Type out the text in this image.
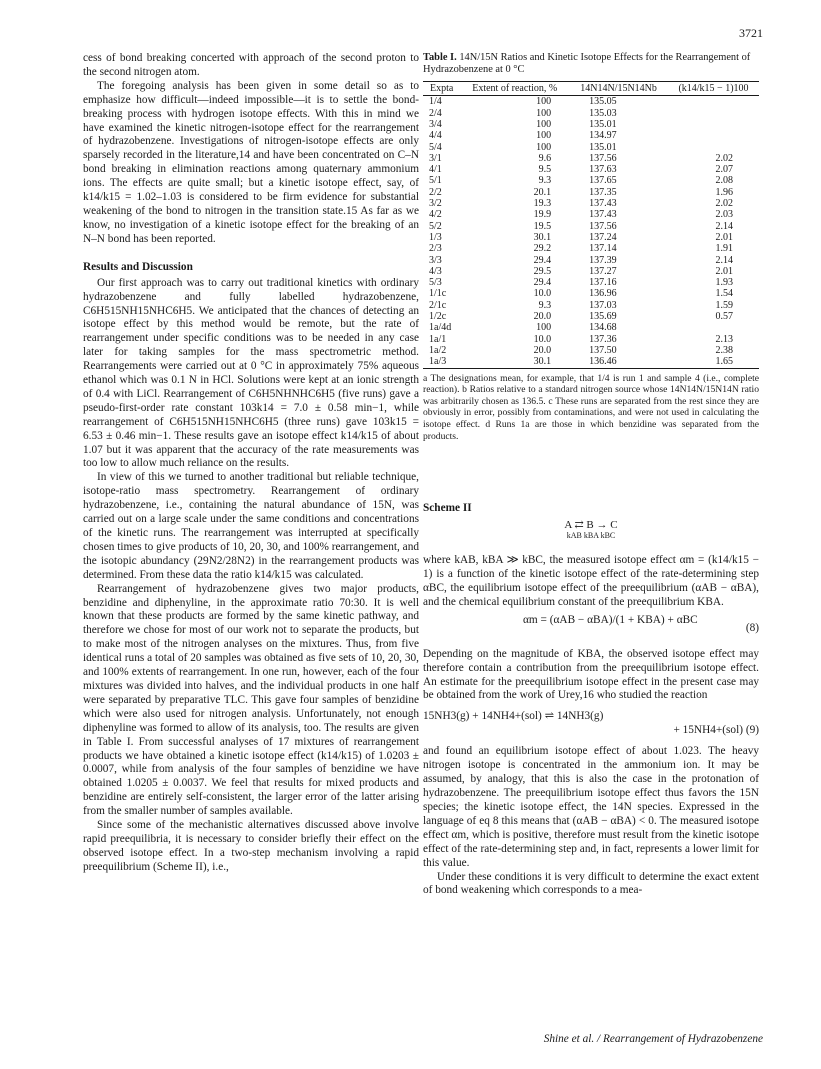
3721

cess of bond breaking concerted with approach of the second proton to the second nitrogen atom.

The foregoing analysis has been given in some detail so as to emphasize how difficult—indeed impossible—it is to settle the bond-breaking process with hydrogen isotope effects. With this in mind we have examined the kinetic nitrogen-isotope effect for the rearrangement of hydrazobenzene. Investigations of nitrogen-isotope effects are only sparsely recorded in the literature,14 and have been concentrated on C–N bond breaking in elimination reactions among quaternary ammonium ions. The effects are quite small; but a kinetic isotope effect, say, of k14/k15 = 1.02–1.03 is considered to be firm evidence for substantial weakening of the bond to nitrogen in the transition state.15 As far as we know, no investigation of a kinetic isotope effect for the breaking of an N–N bond has been reported.

Results and Discussion

Our first approach was to carry out traditional kinetics with ordinary hydrazobenzene and fully labelled hydrazobenzene, C6H515NH15NHC6H5. We anticipated that the chances of detecting an isotope effect by this method would be remote, but the rate of rearrangement under specific conditions was to be needed in any case later for taking samples for the mass spectrometric method. Rearrangements were carried out at 0 °C in approximately 75% aqueous ethanol which was 0.1 N in HCl. Solutions were kept at an ionic strength of 0.4 with LiCl. Rearrangement of C6H5NHNHC6H5 (five runs) gave a pseudo-first-order rate constant 103k14 = 7.0 ± 0.58 min−1, while rearrangement of C6H515NH15NHC6H5 (three runs) gave 103k15 = 6.53 ± 0.46 min−1. These results gave an isotope effect k14/k15 of about 1.07 but it was apparent that the accuracy of the rate measurements was too low to allow much reliance on the results.

In view of this we turned to another traditional but reliable technique, isotope-ratio mass spectrometry. Rearrangement of ordinary hydrazobenzene, i.e., containing the natural abundance of 15N, was carried out on a large scale under the same conditions and concentrations of the kinetic runs. The rearrangement was interrupted at specifically chosen times to give products of 10, 20, 30, and 100% rearrangement, and the isotopic abundancy (29N2/28N2) in the rearrangement products was determined. From these data the ratio k14/k15 was calculated.

Rearrangement of hydrazobenzene gives two major products, benzidine and diphenyline, in the approximate ratio 70:30. It is well known that these products are formed by the same kinetic pathway, and therefore we chose for most of our work not to separate the products, but to make most of the nitrogen analyses on the mixtures. Thus, from five identical runs a total of 20 samples was obtained as five sets of 10, 20, 30, and 100% extents of rearrangement. In one run, however, each of the four mixtures was divided into halves, and the individual products in one half were separated by preparative TLC. This gave four samples of benzidine which were also used for nitrogen analysis. Unfortunately, not enough diphenyline was formed to allow of its analysis, too. The results are given in Table I. From successful analyses of 17 mixtures of rearrangement products we have obtained a kinetic isotope effect (k14/k15) of 1.0203 ± 0.0007, while from analysis of the four samples of benzidine we have obtained 1.0205 ± 0.0037. We feel that results for mixed products and benzidine are entirely self-consistent, the larger error of the latter arising from the smaller number of samples available.

Since some of the mechanistic alternatives discussed above involve rapid preequilibria, it is necessary to consider briefly their effect on the observed isotope effect. In a two-step mechanism involving a rapid preequilibrium (Scheme II), i.e.,

Table I. 14N/15N Ratios and Kinetic Isotope Effects for the Rearrangement of Hydrazobenzene at 0 °C
Expta	Extent of reaction, %	14N14N/15N14Nb	(k14/k15 − 1)100
1/4	100	135.05	
2/4	100	135.03	
3/4	100	135.01	
4/4	100	134.97	
5/4	100	135.01	
3/1	9.6	137.56	2.02
4/1	9.5	137.63	2.07
5/1	9.3	137.65	2.08
2/2	20.1	137.35	1.96
3/2	19.3	137.43	2.02
4/2	19.9	137.43	2.03
5/2	19.5	137.56	2.14
1/3	30.1	137.24	2.01
2/3	29.2	137.14	1.91
3/3	29.4	137.39	2.14
4/3	29.5	137.27	2.01
5/3	29.4	137.16	1.93
1/1c	10.0	136.96	1.54
2/1c	9.3	137.03	1.59
1/2c	20.0	135.69	0.57
1a/4d	100	134.68	
1a/1	10.0	137.36	2.13
1a/2	20.0	137.50	2.38
1a/3	30.1	136.46	1.65
a The designations mean, for example, that 1/4 is run 1 and sample 4 (i.e., complete reaction). b Ratios relative to a standard nitrogen source whose 14N14N/15N14N ratio was arbitrarily chosen as 136.5. c These runs are separated from the rest since they are obviously in error, possibly from contaminations, and were not used in calculating the isotope effect. d Runs 1a are those in which benzidine was separated from the products.
Scheme II
A ⇄ B → C
kAB kBA kBC

where kAB, kBA ≫ kBC, the measured isotope effect αm = (k14/k15 − 1) is a function of the kinetic isotope effect of the rate-determining step αBC, the equilibrium isotope effect of the preequilibrium (αAB − αBA), and the chemical equilibrium constant of the preequilibrium KBA.

αm = (αAB − αBA)/(1 + KBA) + αBC
(8)

Depending on the magnitude of KBA, the observed isotope effect may therefore contain a contribution from the preequilibrium isotope effect. An estimate for the preequilibrium isotope effect in the present case may be obtained from the work of Urey,16 who studied the reaction

15NH3(g) + 14NH4+(sol) ⇌ 14NH3(g)
+ 15NH4+(sol) (9)

and found an equilibrium isotope effect of about 1.023. The heavy nitrogen isotope is concentrated in the ammonium ion. It may be assumed, by analogy, that this is also the case in the protonation of hydrazobenzene. The preequilibrium isotope effect thus favors the 15N species; the kinetic isotope effect, the 14N species. Expressed in the language of eq 8 this means that (αAB − αBA) < 0. The measured isotope effect αm, which is positive, therefore must result from the kinetic isotope effect of the rate-determining step and, in fact, represents a lower limit for this value.

Under these conditions it is very difficult to determine the exact extent of bond weakening which corresponds to a mea-

Shine et al. / Rearrangement of Hydrazobenzene
